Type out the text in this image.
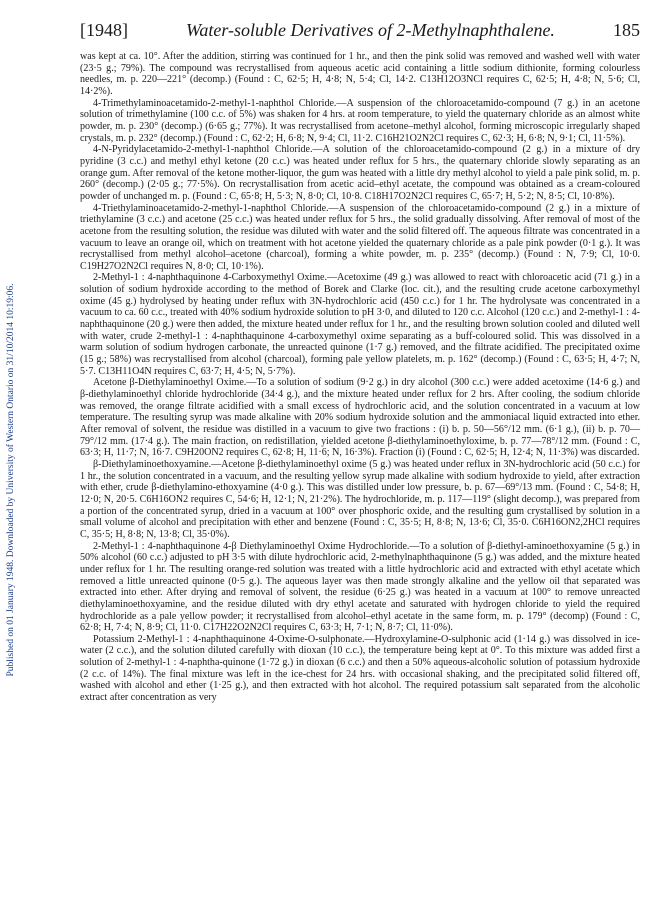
Published on 01 January 1948. Downloaded by University of Western Ontario on 31/10/2014 10:19:06.
[1948]	Water-soluble Derivatives of 2-Methylnaphthalene.	185

was kept at ca. 10°. After the addition, stirring was continued for 1 hr., and then the pink solid was removed and washed well with water (23·5 g.; 79%). The compound was recrystallised from aqueous acetic acid containing a little sodium dithionite, forming colourless needles, m. p. 220—221° (decomp.) (Found : C, 62·5; H, 4·8; N, 5·4; Cl, 14·2. C13H12O3NCl requires C, 62·5; H, 4·8; N, 5·6; Cl, 14·2%).

4-Trimethylaminoacetamido-2-methyl-1-naphthol Chloride.—A suspension of the chloroacetamido-compound (7 g.) in an acetone solution of trimethylamine (100 c.c. of 5%) was shaken for 4 hrs. at room temperature, to yield the quaternary chloride as an almost white powder, m. p. 230° (decomp.) (6·65 g.; 77%). It was recrystallised from acetone–methyl alcohol, forming microscopic irregularly shaped crystals, m. p. 232° (decomp.) (Found : C, 62·2; H, 6·8; N, 9·4; Cl, 11·2. C16H21O2N2Cl requires C, 62·3; H, 6·8; N, 9·1; Cl, 11·5%).

4-N-Pyridylacetamido-2-methyl-1-naphthol Chloride.—A solution of the chloroacetamido-compound (2 g.) in a mixture of dry pyridine (3 c.c.) and methyl ethyl ketone (20 c.c.) was heated under reflux for 5 hrs., the quaternary chloride slowly separating as an orange gum. After removal of the ketone mother-liquor, the gum was heated with a little dry methyl alcohol to yield a pale pink solid, m. p. 260° (decomp.) (2·05 g.; 77·5%). On recrystallisation from acetic acid–ethyl acetate, the compound was obtained as a cream-coloured powder of unchanged m. p. (Found : C, 65·8; H, 5·3; N, 8·0; Cl, 10·8. C18H17O2N2Cl requires C, 65·7; H, 5·2; N, 8·5; Cl, 10·8%).

4-Triethylaminoacetamido-2-methyl-1-naphthol Chloride.—A suspension of the chloroacetamido-compound (2 g.) in a mixture of triethylamine (3 c.c.) and acetone (25 c.c.) was heated under reflux for 5 hrs., the solid gradually dissolving. After removal of most of the acetone from the resulting solution, the residue was diluted with water and the solid filtered off. The aqueous filtrate was concentrated in a vacuum to leave an orange oil, which on treatment with hot acetone yielded the quaternary chloride as a pale pink powder (0·1 g.). It was recrystallised from methyl alcohol–acetone (charcoal), forming a white powder, m. p. 235° (decomp.) (Found : N, 7·9; Cl, 10·0. C19H27O2N2Cl requires N, 8·0; Cl, 10·1%).

2-Methyl-1 : 4-naphthaquinone 4-Carboxymethyl Oxime.—Acetoxime (49 g.) was allowed to react with chloroacetic acid (71 g.) in a solution of sodium hydroxide according to the method of Borek and Clarke (loc. cit.), and the resulting crude acetone carboxymethyl oxime (45 g.) hydrolysed by heating under reflux with 3N-hydrochloric acid (450 c.c.) for 1 hr. The hydrolysate was concentrated in a vacuum to ca. 60 c.c., treated with 40% sodium hydroxide solution to pH 3·0, and diluted to 120 c.c. Alcohol (120 c.c.) and 2-methyl-1 : 4-naphthaquinone (20 g.) were then added, the mixture heated under reflux for 1 hr., and the resulting brown solution cooled and diluted well with water, crude 2-methyl-1 : 4-naphthaquinone 4-carboxymethyl oxime separating as a buff-coloured solid. This was dissolved in a warm solution of sodium hydrogen carbonate, the unreacted quinone (1·7 g.) removed, and the filtrate acidified. The precipitated oxime (15 g.; 58%) was recrystallised from alcohol (charcoal), forming pale yellow platelets, m. p. 162° (decomp.) (Found : C, 63·5; H, 4·7; N, 5·7. C13H11O4N requires C, 63·7; H, 4·5; N, 5·7%).

Acetone β-Diethylaminoethyl Oxime.—To a solution of sodium (9·2 g.) in dry alcohol (300 c.c.) were added acetoxime (14·6 g.) and β-diethylaminoethyl chloride hydrochloride (34·4 g.), and the mixture heated under reflux for 2 hrs. After cooling, the sodium chloride was removed, the orange filtrate acidified with a small excess of hydrochloric acid, and the solution concentrated in a vacuum at low temperature. The resulting syrup was made alkaline with 20% sodium hydroxide solution and the ammoniacal liquid extracted into ether. After removal of solvent, the residue was distilled in a vacuum to give two fractions : (i) b. p. 50—56°/12 mm. (6·1 g.), (ii) b. p. 70—79°/12 mm. (17·4 g.). The main fraction, on redistillation, yielded acetone β-diethylaminoethyloxime, b. p. 77—78°/12 mm. (Found : C, 63·3; H, 11·7; N, 16·7. C9H20ON2 requires C, 62·8; H, 11·6; N, 16·3%). Fraction (i) (Found : C, 62·5; H, 12·4; N, 11·3%) was discarded.

β-Diethylaminoethoxyamine.—Acetone β-diethylaminoethyl oxime (5 g.) was heated under reflux in 3N-hydrochloric acid (50 c.c.) for 1 hr., the solution concentrated in a vacuum, and the resulting yellow syrup made alkaline with sodium hydroxide to yield, after extraction with ether, crude β-diethylamino-ethoxyamine (4·0 g.). This was distilled under low pressure, b. p. 67—69°/13 mm. (Found : C, 54·8; H, 12·0; N, 20·5. C6H16ON2 requires C, 54·6; H, 12·1; N, 21·2%). The hydrochloride, m. p. 117—119° (slight decomp.), was prepared from a portion of the concentrated syrup, dried in a vacuum at 100° over phosphoric oxide, and the resulting gum crystallised by solution in a small volume of alcohol and precipitation with ether and benzene (Found : C, 35·5; H, 8·8; N, 13·6; Cl, 35·0. C6H16ON2,2HCl requires C, 35·5; H, 8·8; N, 13·8; Cl, 35·0%).

2-Methyl-1 : 4-naphthaquinone 4-β Diethylaminoethyl Oxime Hydrochloride.—To a solution of β-diethyl-aminoethoxyamine (5 g.) in 50% alcohol (60 c.c.) adjusted to pH 3·5 with dilute hydrochloric acid, 2-methylnaphthaquinone (5 g.) was added, and the mixture heated under reflux for 1 hr. The resulting orange-red solution was treated with a little hydrochloric acid and extracted with ethyl acetate which removed a little unreacted quinone (0·5 g.). The aqueous layer was then made strongly alkaline and the yellow oil that separated was extracted into ether. After drying and removal of solvent, the residue (6·25 g.) was heated in a vacuum at 100° to remove unreacted diethylaminoethoxyamine, and the residue diluted with dry ethyl acetate and saturated with hydrogen chloride to yield the required hydrochloride as a pale yellow powder; it recrystallised from alcohol–ethyl acetate in the same form, m. p. 179° (decomp) (Found : C, 62·8; H, 7·4; N, 8·9; Cl, 11·0. C17H22O2N2Cl requires C, 63·3; H, 7·1; N, 8·7; Cl, 11·0%).

Potassium 2-Methyl-1 : 4-naphthaquinone 4-Oxime-O-sulphonate.—Hydroxylamine-O-sulphonic acid (1·14 g.) was dissolved in ice-water (2 c.c.), and the solution diluted carefully with dioxan (10 c.c.), the temperature being kept at 0°. To this mixture was added first a solution of 2-methyl-1 : 4-naphtha-quinone (1·72 g.) in dioxan (6 c.c.) and then a 50% aqueous-alcoholic solution of potassium hydroxide (2 c.c. of 14%). The final mixture was left in the ice-chest for 24 hrs. with occasional shaking, and the precipitated solid filtered off, washed with alcohol and ether (1·25 g.), and then extracted with hot alcohol. The required potassium salt separated from the alcoholic extract after concentration as very
